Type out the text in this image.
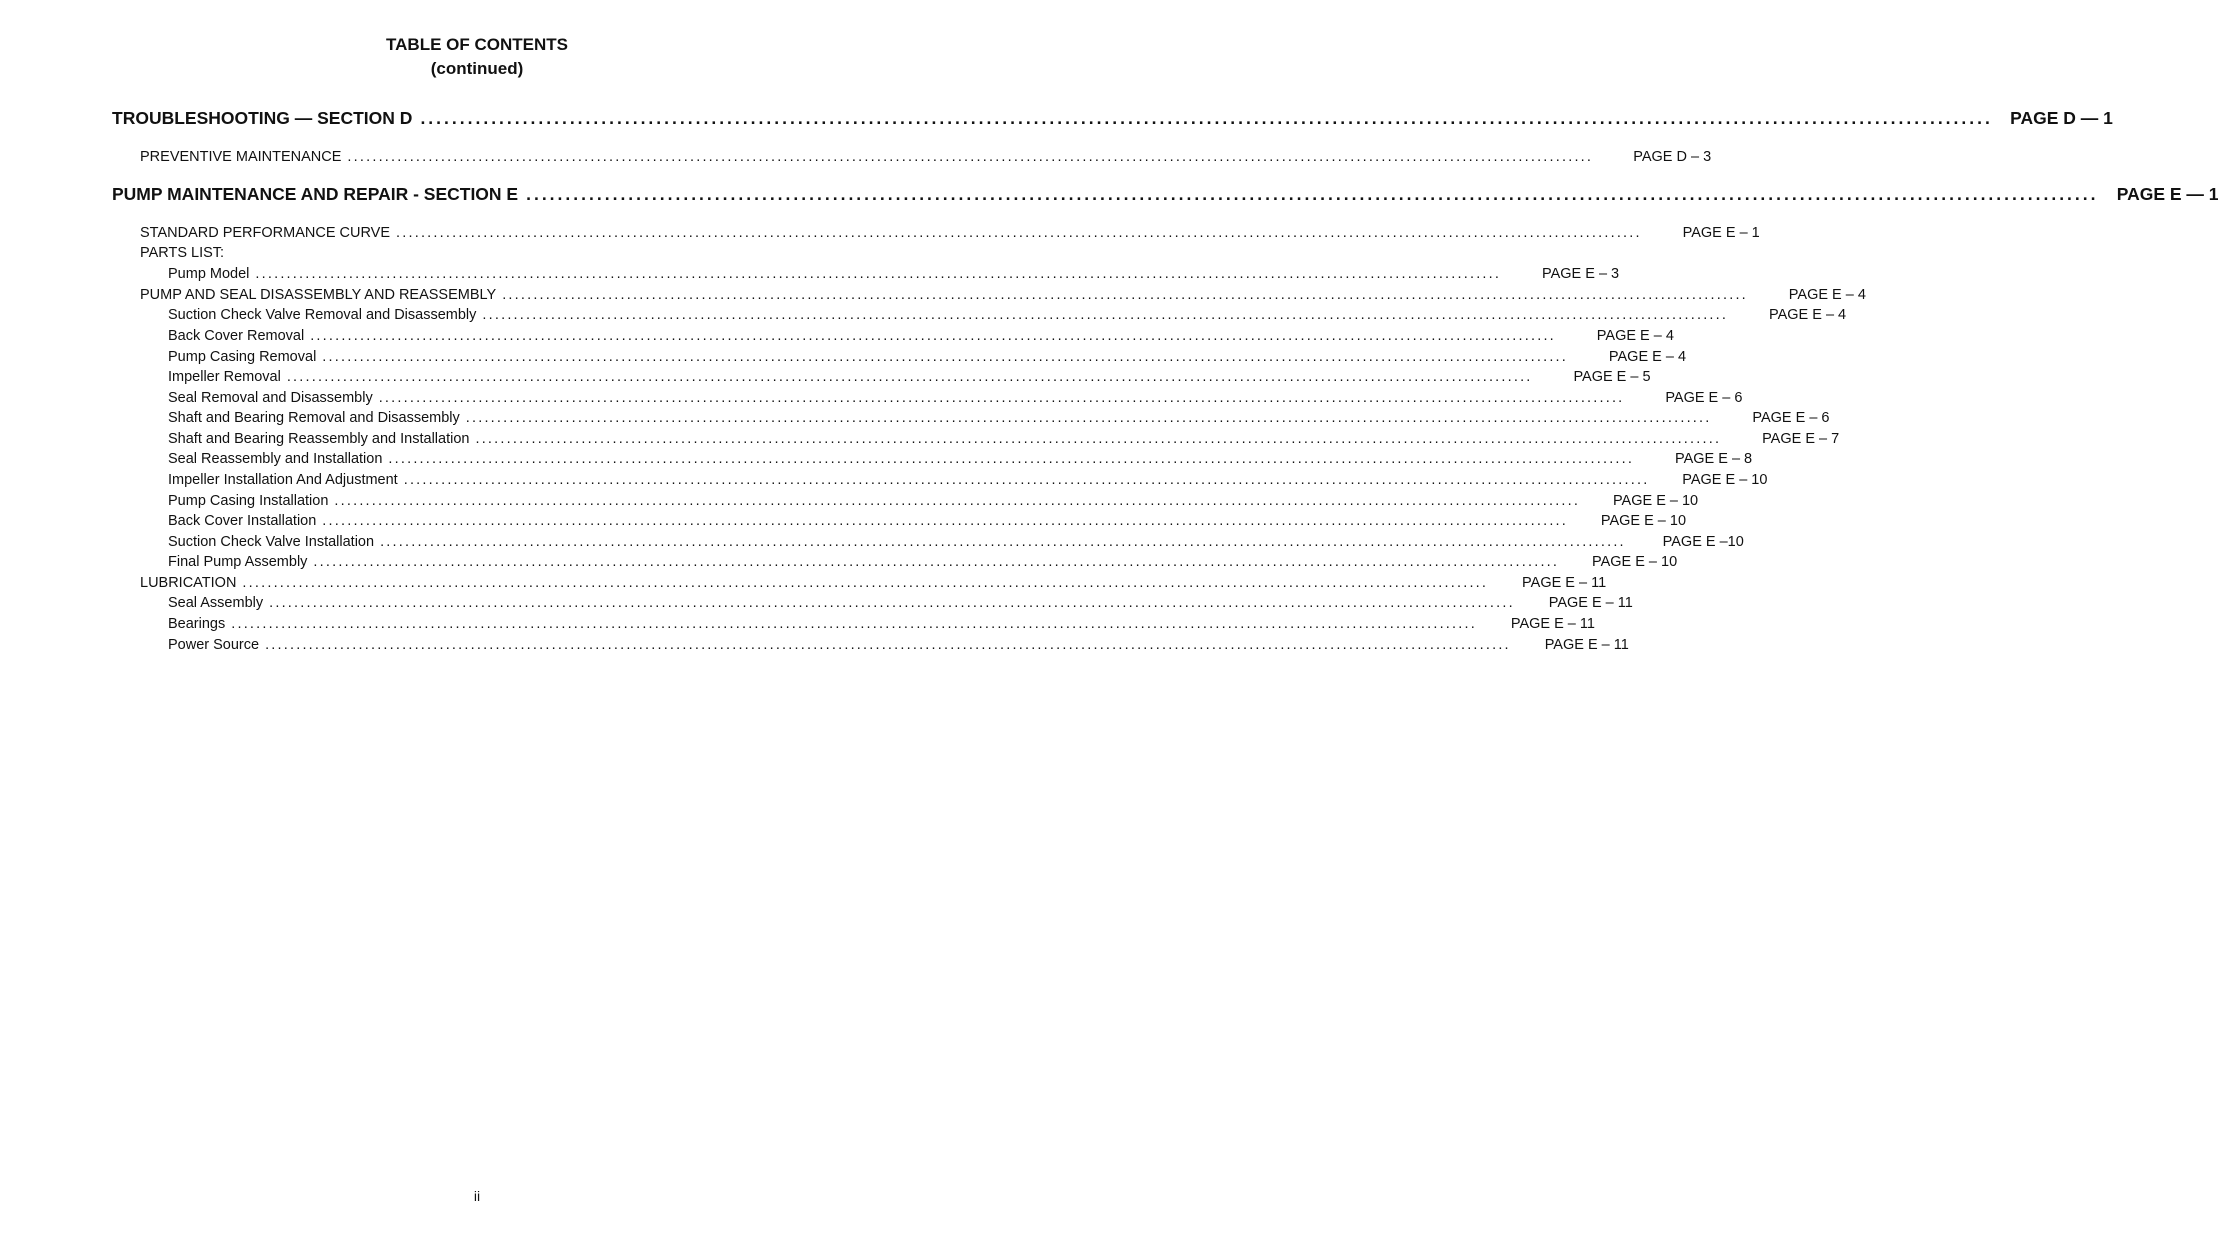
TABLE OF CONTENTS
(continued)
TROUBLESHOOTING — SECTION D ........................................................................................................................................................................................................ PAGE D — 1
PREVENTIVE MAINTENANCE ........................................................................................................................................................................................................	PAGE D – 3
PUMP MAINTENANCE AND REPAIR - SECTION E ........................................................................................................................................................................................................	PAGE E — 1
STANDARD PERFORMANCE CURVE ........................................................................................................................................................................................................	PAGE E – 1
PARTS LIST:
Pump Model ........................................................................................................................................................................................................	PAGE E – 3
PUMP AND SEAL DISASSEMBLY AND REASSEMBLY ........................................................................................................................................................................................................	PAGE E – 4
Suction Check Valve Removal and Disassembly ........................................................................................................................................................................................................	PAGE E – 4
Back Cover Removal ........................................................................................................................................................................................................	PAGE E – 4
Pump Casing Removal ........................................................................................................................................................................................................	PAGE E – 4
Impeller Removal ........................................................................................................................................................................................................	PAGE E – 5
Seal Removal and Disassembly ........................................................................................................................................................................................................	PAGE E – 6
Shaft and Bearing Removal and Disassembly ........................................................................................................................................................................................................	PAGE E – 6
Shaft and Bearing Reassembly and Installation ........................................................................................................................................................................................................	PAGE E – 7
Seal Reassembly and Installation ........................................................................................................................................................................................................	PAGE E – 8
Impeller Installation And Adjustment ........................................................................................................................................................................................................	PAGE E – 10
Pump Casing Installation ........................................................................................................................................................................................................	PAGE E – 10
Back Cover Installation ........................................................................................................................................................................................................	PAGE E – 10
Suction Check Valve Installation ........................................................................................................................................................................................................	PAGE E –10
Final Pump Assembly ........................................................................................................................................................................................................	PAGE E – 10
LUBRICATION ........................................................................................................................................................................................................	PAGE E – 11
Seal Assembly ........................................................................................................................................................................................................	PAGE E – 11
Bearings ........................................................................................................................................................................................................	PAGE E – 11
Power Source ........................................................................................................................................................................................................	PAGE E – 11
ii
